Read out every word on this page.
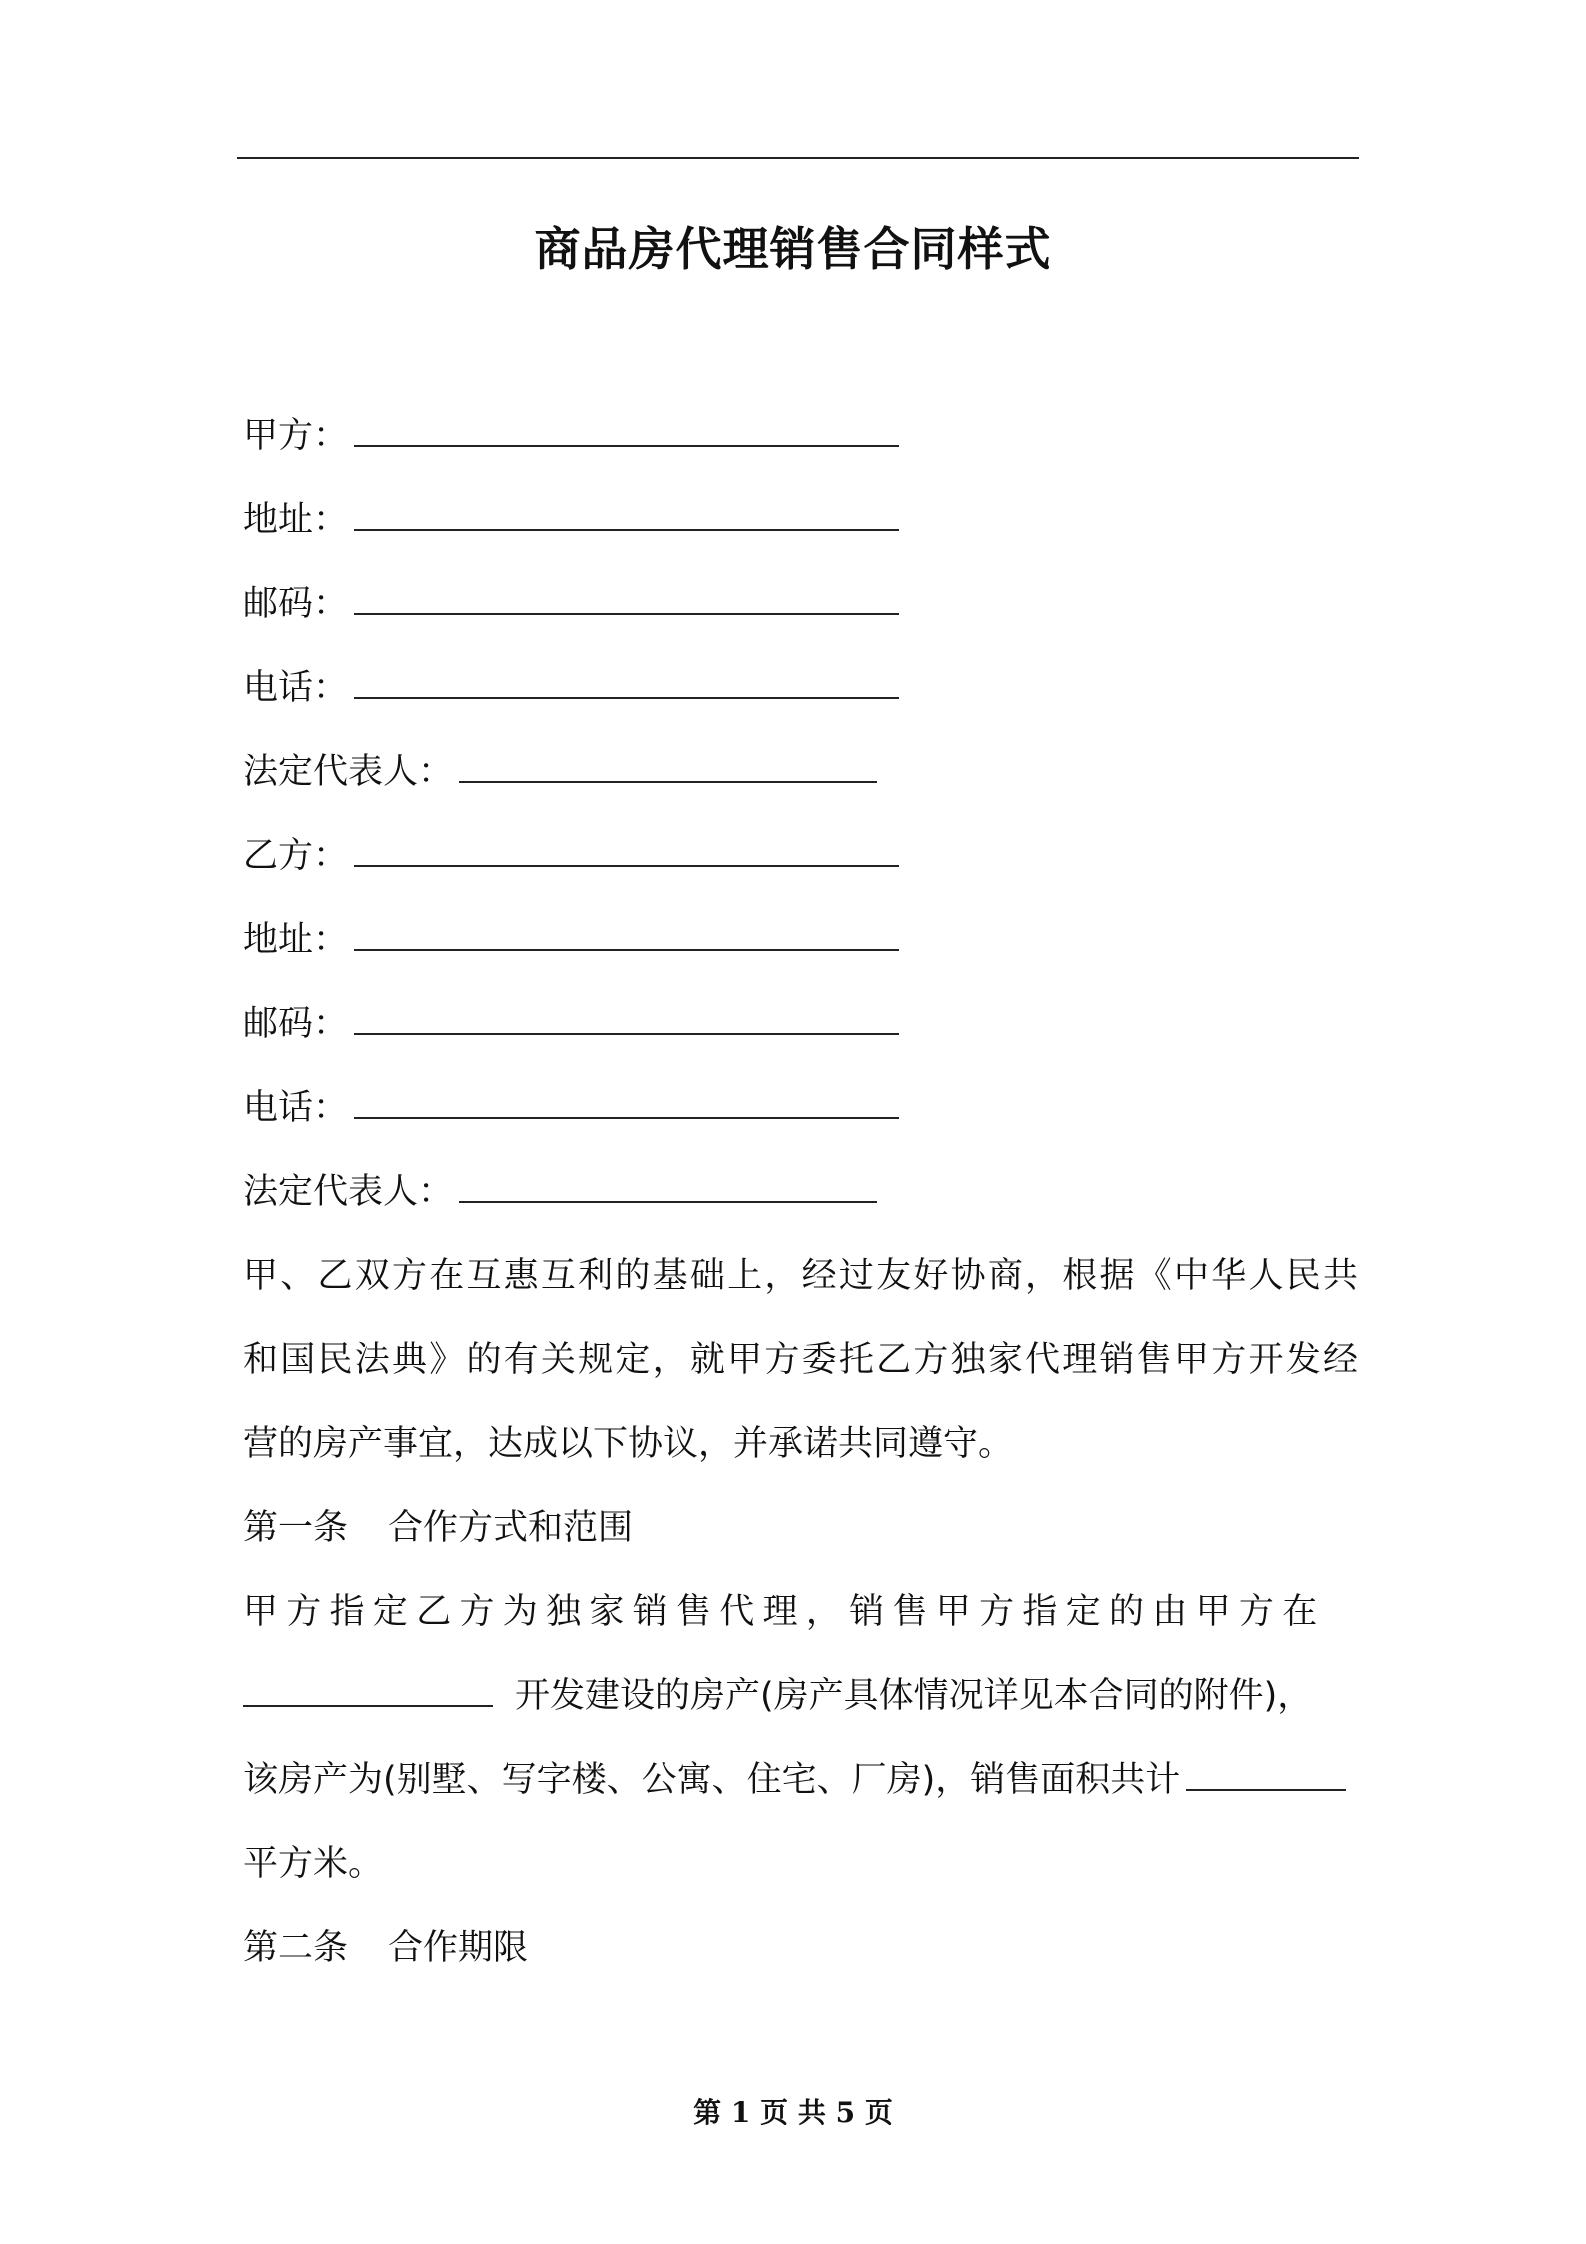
商品房代理销售合同样式
甲方：
地址：
邮码：
电话：
法定代表人：
乙方：
地址：
邮码：
电话：
法定代表人：
甲、乙双方在互惠互利的基础上，经过友好协商，根据《中华人民共
和国民法典》的有关规定，就甲方委托乙方独家代理销售甲方开发经
营的房产事宜，达成以下协议，并承诺共同遵守。
第一条 合作方式和范围
甲方指定乙方为独家销售代理，销售甲方指定的由甲方在
开发建设的房产(房产具体情况详见本合同的附件)，
该房产为(别墅、写字楼、公寓、住宅、厂房)，销售面积共计
平方米。
第二条 合作期限
第 1 页 共 5 页
